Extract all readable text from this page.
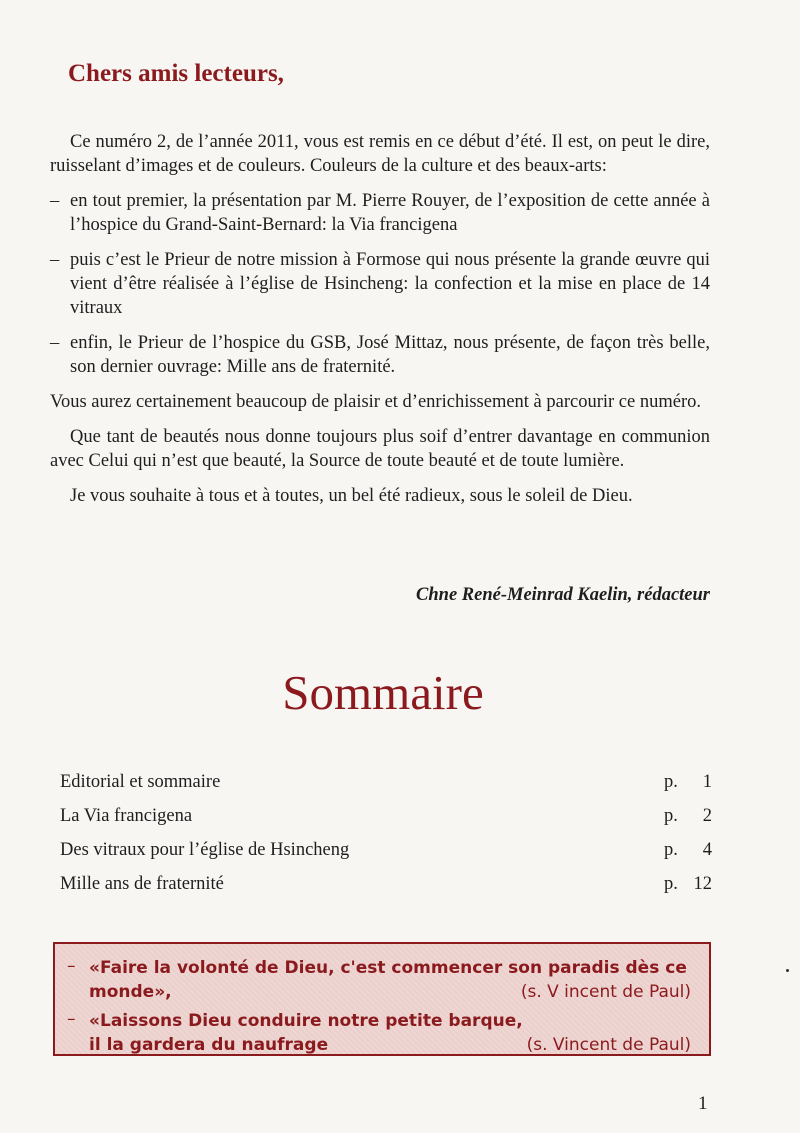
Chers amis lecteurs,

Ce numéro 2, de l’année 2011, vous est remis en ce début d’été. Il est, on peut le dire, ruisselant d’images et de couleurs. Couleurs de la culture et des beaux-arts:

– en tout premier, la présentation par M. Pierre Rouyer, de l’exposition de cette année à l’hospice du Grand-Saint-Bernard: la Via francigena
– puis c’est le Prieur de notre mission à Formose qui nous présente la grande œuvre qui vient d’être réalisée à l’église de Hsincheng: la confection et la mise en place de 14 vitraux
– enfin, le Prieur de l’hospice du GSB, José Mittaz, nous présente, de façon très belle, son dernier ouvrage: Mille ans de fraternité.

Vous aurez certainement beaucoup de plaisir et d’enrichissement à parcourir ce numéro.

Que tant de beautés nous donne toujours plus soif d’entrer davantage en communion avec Celui qui n’est que beauté, la Source de toute beauté et de toute lumière.

Je vous souhaite à tous et à toutes, un bel été radieux, sous le soleil de Dieu.

Chne René-Meinrad Kaelin, rédacteur

Sommaire
Editorial et sommaire	p. 1
La Via francigena	p. 2
Des vitraux pour l’église de Hsincheng	p. 4
Mille ans de fraternité	p. 12
– «Faire la volonté de Dieu, c'est commencer son paradis dès ce
monde»,	(s. V incent de Paul)
– «Laissons Dieu conduire notre petite barque,
il la gardera du naufrage	(s. Vincent de Paul)

1
